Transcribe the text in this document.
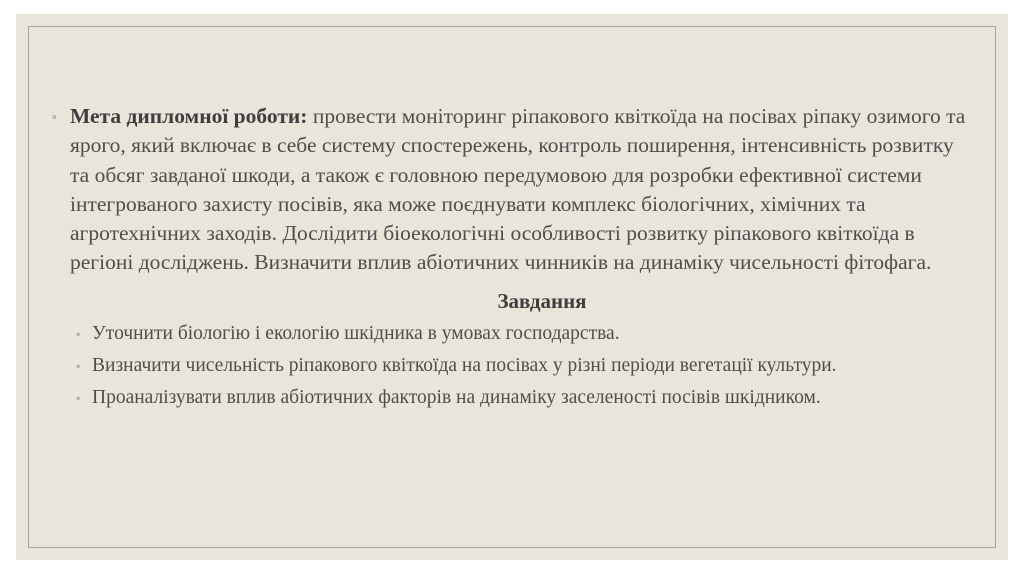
◦ Мета дипломної роботи: провести моніторинг ріпакового квіткоїда на посівах ріпаку озимого та ярого, який включає в себе систему спостережень, контроль поширення, інтенсивність розвитку та обсяг завданої шкоди, а також є головною передумовою для розробки ефективної системи інтегрованого захисту посівів, яка може поєднувати комплекс біологічних, хімічних та агротехнічних заходів. Дослідити біоекологічні особливості розвитку ріпакового квіткоїда в регіоні досліджень. Визначити вплив абіотичних чинників на динаміку чисельності фітофага.
Завдання
◦ Уточнити біологію і екологію шкідника в умовах господарства.
◦ Визначити чисельність ріпакового квіткоїда на посівах у різні періоди вегетації культури.
◦ Проаналізувати вплив абіотичних факторів на динаміку заселеності посівів шкідником.
